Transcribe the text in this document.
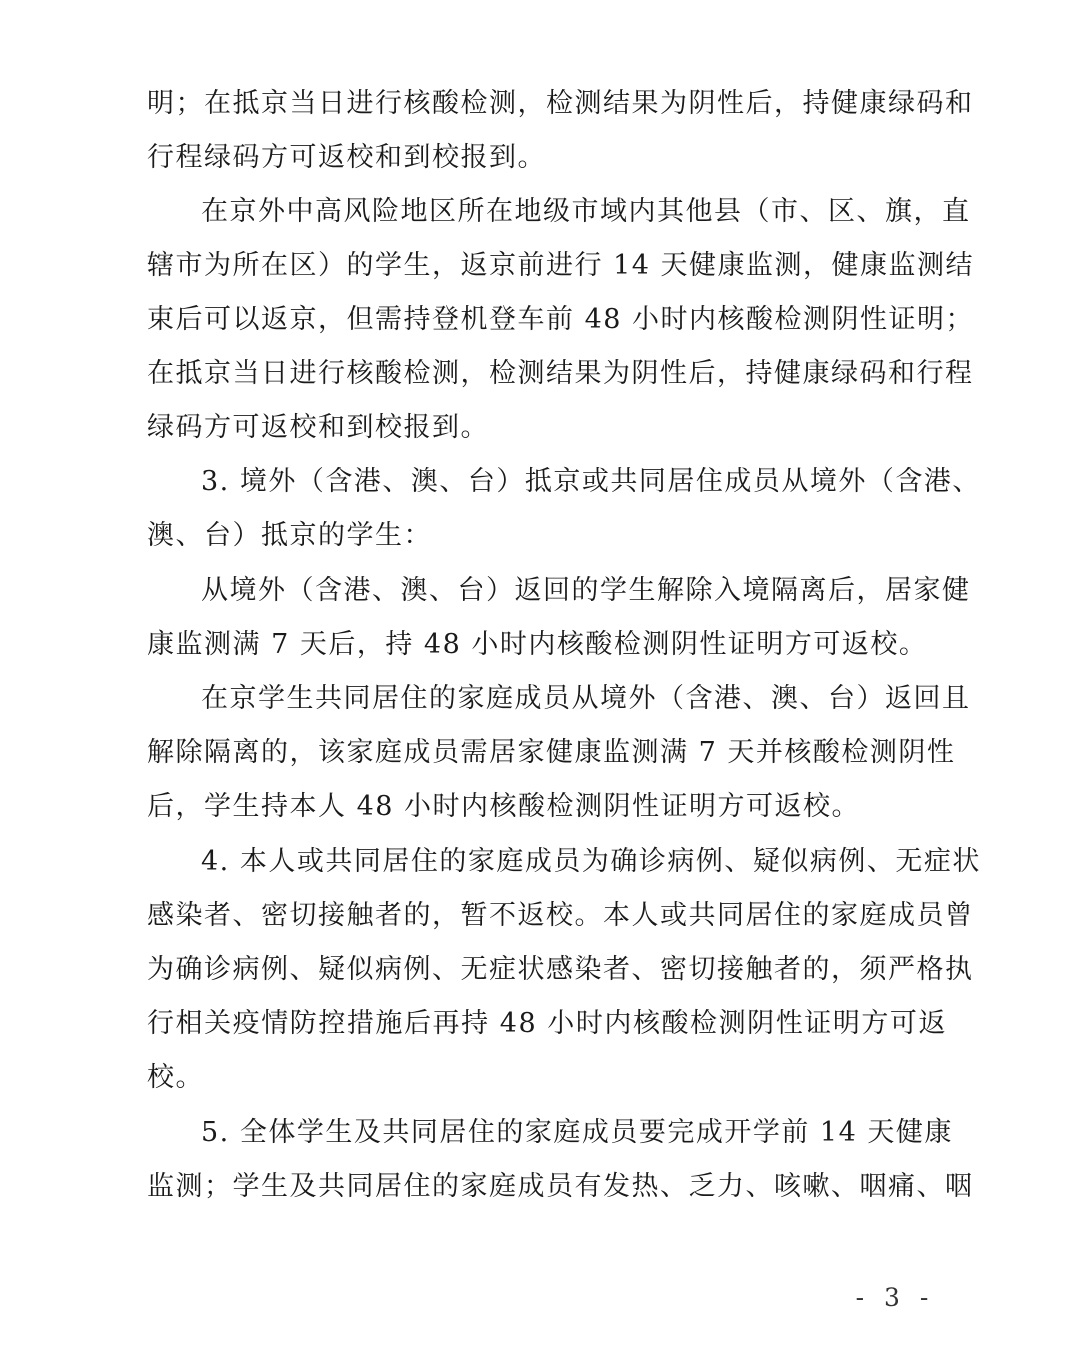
明；在抵京当日进行核酸检测，检测结果为阴性后，持健康绿码和
行程绿码方可返校和到校报到。
在京外中高风险地区所在地级市域内其他县（市、区、旗，直
辖市为所在区）的学生，返京前进行 14 天健康监测，健康监测结
束后可以返京，但需持登机登车前 48 小时内核酸检测阴性证明；
在抵京当日进行核酸检测，检测结果为阴性后，持健康绿码和行程
绿码方可返校和到校报到。
3. 境外（含港、澳、台）抵京或共同居住成员从境外（含港、
澳、台）抵京的学生：
从境外（含港、澳、台）返回的学生解除入境隔离后，居家健
康监测满 7 天后，持 48 小时内核酸检测阴性证明方可返校。
在京学生共同居住的家庭成员从境外（含港、澳、台）返回且
解除隔离的，该家庭成员需居家健康监测满 7 天并核酸检测阴性
后，学生持本人 48 小时内核酸检测阴性证明方可返校。
4. 本人或共同居住的家庭成员为确诊病例、疑似病例、无症状
感染者、密切接触者的，暂不返校。本人或共同居住的家庭成员曾
为确诊病例、疑似病例、无症状感染者、密切接触者的，须严格执
行相关疫情防控措施后再持 48 小时内核酸检测阴性证明方可返
校。
5. 全体学生及共同居住的家庭成员要完成开学前 14 天健康
监测；学生及共同居住的家庭成员有发热、乏力、咳嗽、咽痛、咽
- 3 -
